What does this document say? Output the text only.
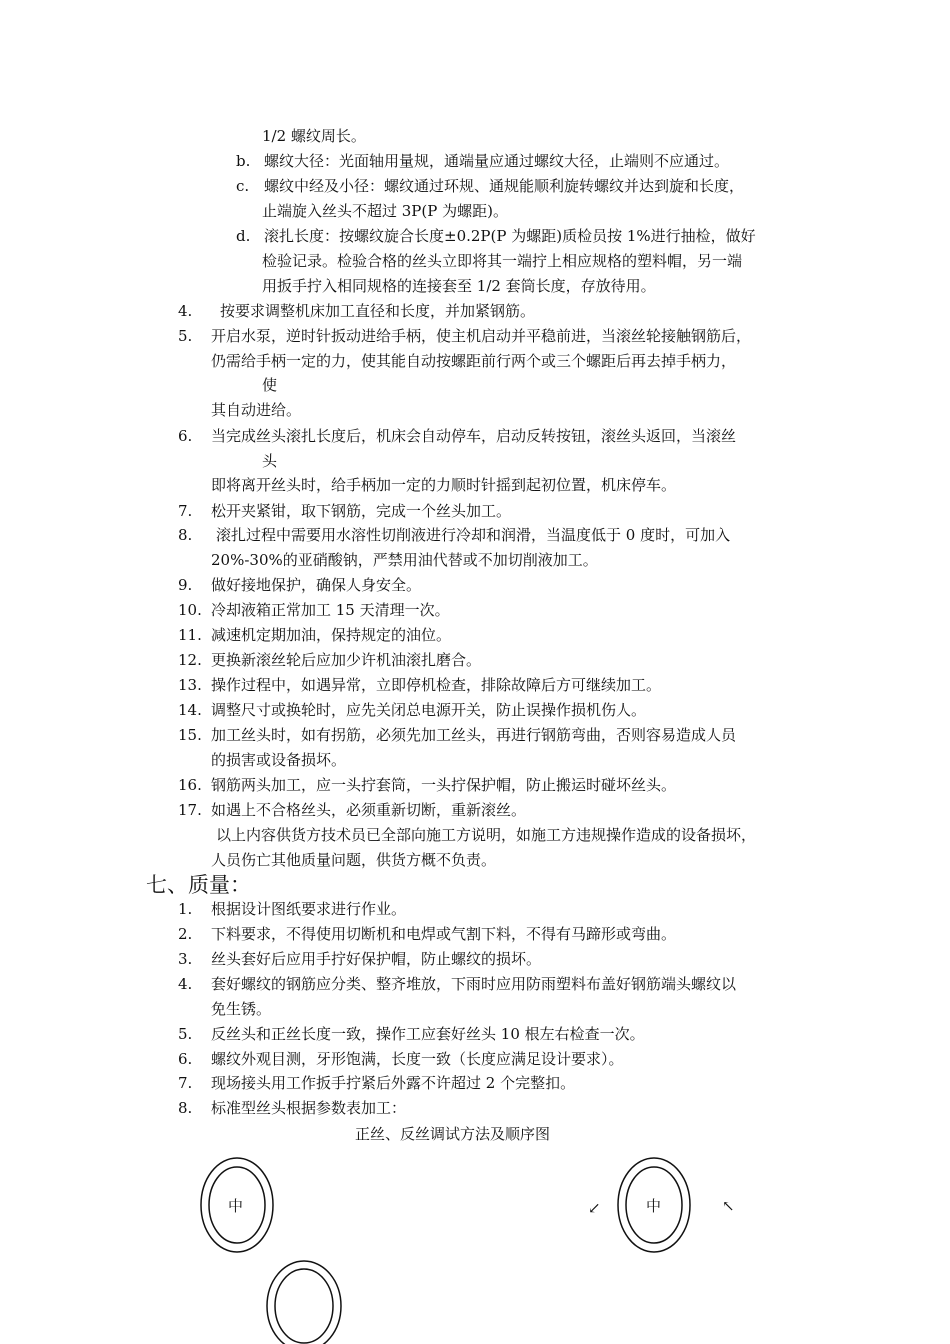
1/2 螺纹周长。
b. 螺纹大径：光面轴用量规，通端量应通过螺纹大径，止端则不应通过。
c. 螺纹中经及小径：螺纹通过环规、通规能顺利旋转螺纹并达到旋和长度，
止端旋入丝头不超过 3P(P 为螺距)。
d. 滚扎长度：按螺纹旋合长度±0.2P(P 为螺距)质检员按 1%进行抽检，做好
检验记录。检验合格的丝头立即将其一端拧上相应规格的塑料帽，另一端
用扳手拧入相同规格的连接套至 1/2 套筒长度，存放待用。
4. 按要求调整机床加工直径和长度，并加紧钢筋。
5. 开启水泵，逆时针扳动进给手柄，使主机启动并平稳前进，当滚丝轮接触钢筋后，
仍需给手柄一定的力，使其能自动按螺距前行两个或三个螺距后再去掉手柄力，
使
其自动进给。
6. 当完成丝头滚扎长度后，机床会自动停车，启动反转按钮，滚丝头返回，当滚丝
头
即将离开丝头时，给手柄加一定的力顺时针摇到起初位置，机床停车。
7. 松开夹紧钳，取下钢筋，完成一个丝头加工。
8. 滚扎过程中需要用水溶性切削液进行冷却和润滑，当温度低于 0 度时，可加入
20%-30%的亚硝酸钠，严禁用油代替或不加切削液加工。
9. 做好接地保护，确保人身安全。
10. 冷却液箱正常加工 15 天清理一次。
11. 减速机定期加油，保持规定的油位。
12. 更换新滚丝轮后应加少许机油滚扎磨合。
13. 操作过程中，如遇异常，立即停机检查，排除故障后方可继续加工。
14. 调整尺寸或换轮时，应先关闭总电源开关，防止误操作损机伤人。
15. 加工丝头时，如有拐筋，必须先加工丝头，再进行钢筋弯曲，否则容易造成人员
的损害或设备损坏。
16. 钢筋两头加工，应一头拧套筒，一头拧保护帽，防止搬运时碰坏丝头。
17. 如遇上不合格丝头，必须重新切断，重新滚丝。
以上内容供货方技术员已全部向施工方说明，如施工方违规操作造成的设备损坏，
人员伤亡其他质量问题，供货方概不负责。
七、质量：
1. 根据设计图纸要求进行作业。
2. 下料要求，不得使用切断机和电焊或气割下料，不得有马蹄形或弯曲。
3. 丝头套好后应用手拧好保护帽，防止螺纹的损坏。
4. 套好螺纹的钢筋应分类、整齐堆放，下雨时应用防雨塑料布盖好钢筋端头螺纹以
免生锈。
5. 反丝头和正丝长度一致，操作工应套好丝头 10 根左右检查一次。
6. 螺纹外观目测，牙形饱满，长度一致（长度应满足设计要求）。
7. 现场接头用工作扳手拧紧后外露不许超过 2 个完整扣。
8. 标准型丝头根据参数表加工：
正丝、反丝调试方法及顺序图
中	中
↙	↖
